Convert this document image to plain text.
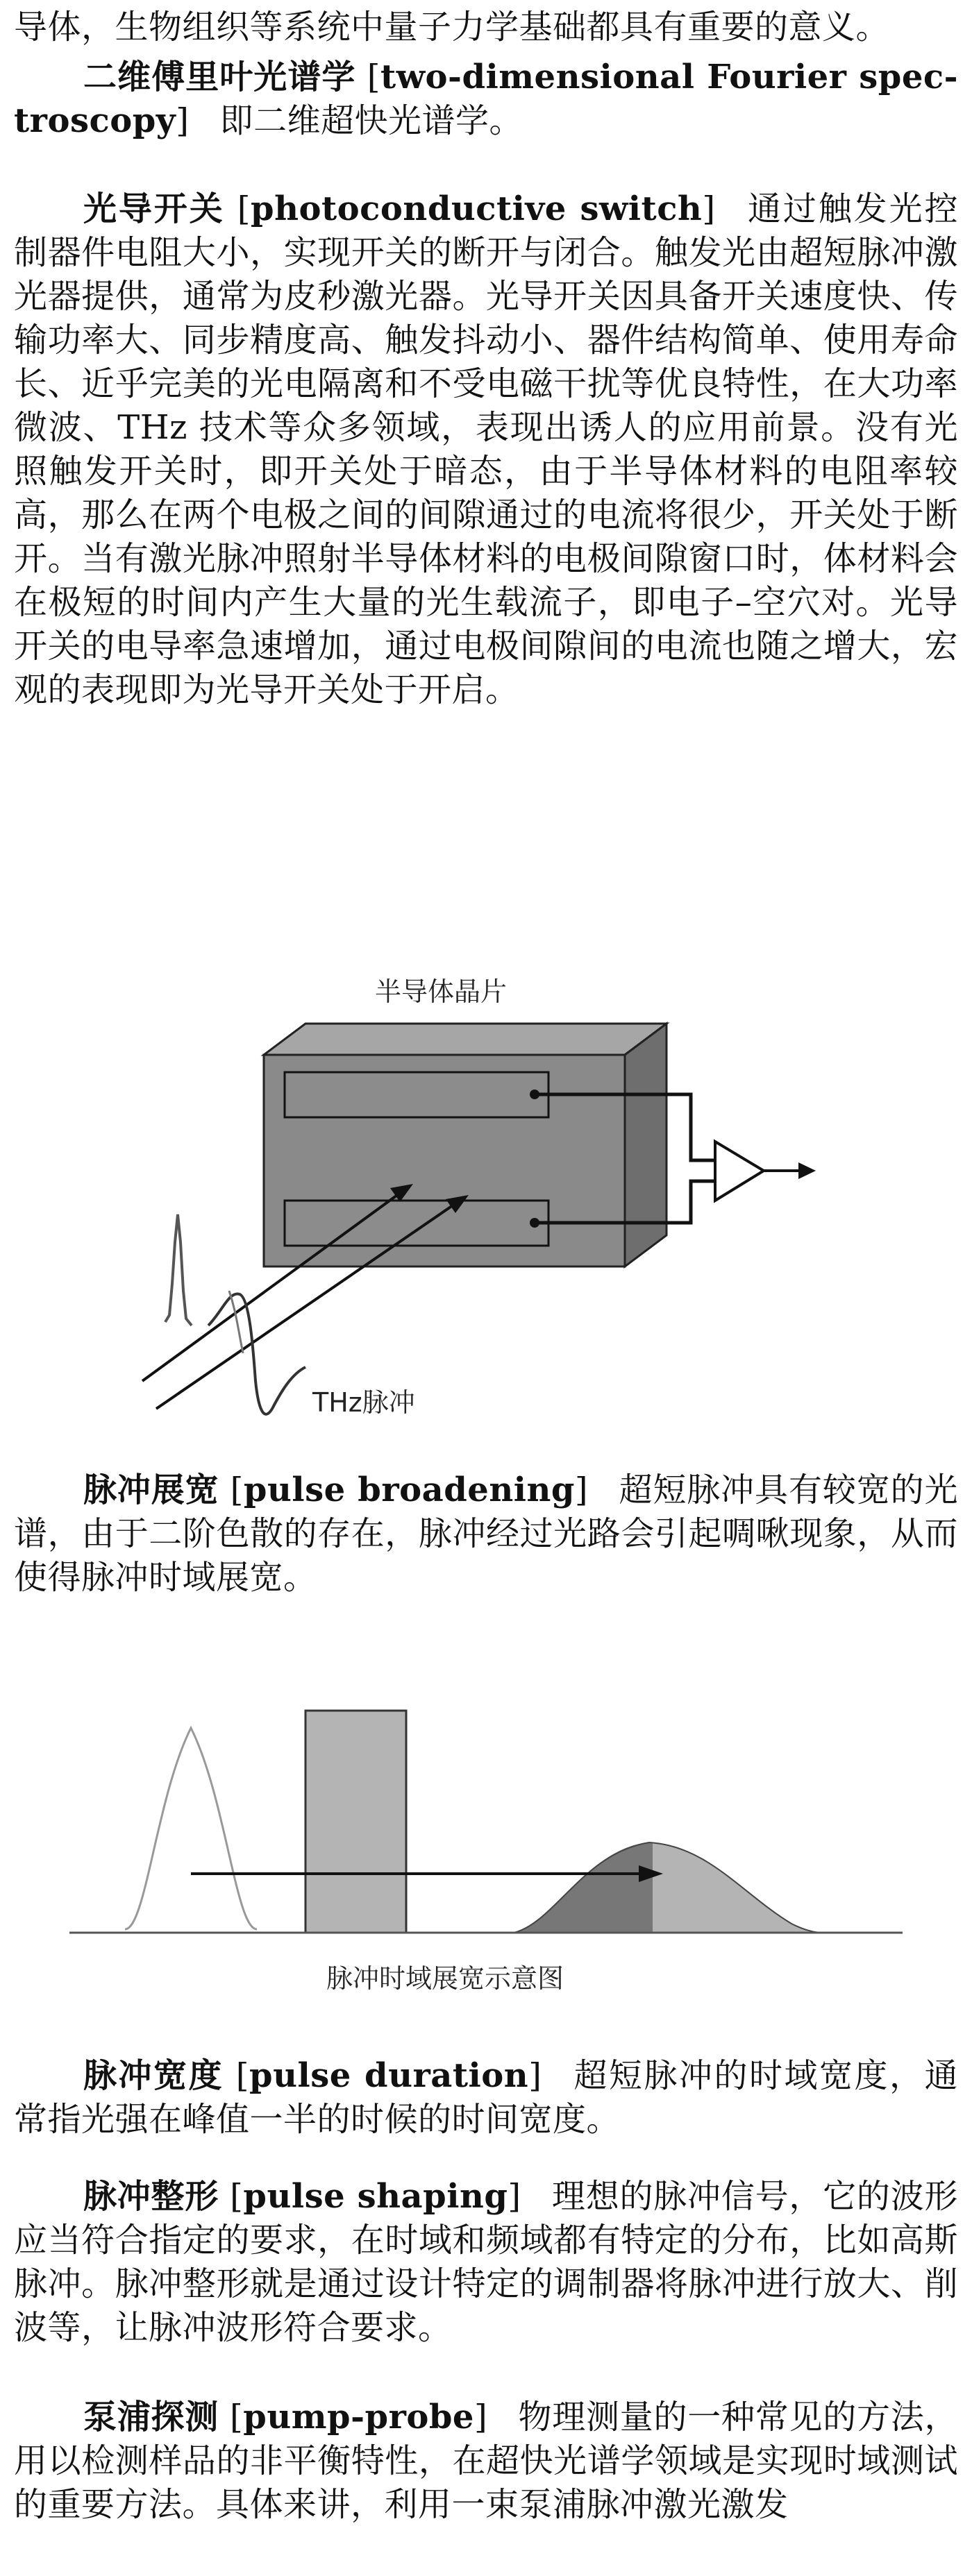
导体，生物组织等系统中量子力学基础都具有重要的意义。

二维傅里叶光谱学 [two-dimensional Fourier spec-troscopy] 即二维超快光谱学。

光导开关 [photoconductive switch] 通过触发光控制器件电阻大小，实现开关的断开与闭合。触发光由超短脉冲激光器提供，通常为皮秒激光器。光导开关因具备开关速度快、传输功率大、同步精度高、触发抖动小、器件结构简单、使用寿命长、近乎完美的光电隔离和不受电磁干扰等优良特性，在大功率微波、THz 技术等众多领域，表现出诱人的应用前景。没有光照触发开关时，即开关处于暗态，由于半导体材料的电阻率较高，那么在两个电极之间的间隙通过的电流将很少，开关处于断开。当有激光脉冲照射半导体材料的电极间隙窗口时，体材料会在极短的时间内产生大量的光生载流子，即电子–空穴对。光导开关的电导率急速增加，通过电极间隙间的电流也随之增大，宏观的表现即为光导开关处于开启。

半导体晶片
THz脉冲

脉冲展宽 [pulse broadening] 超短脉冲具有较宽的光谱，由于二阶色散的存在，脉冲经过光路会引起啁啾现象，从而使得脉冲时域展宽。

脉冲时域展宽示意图

脉冲宽度 [pulse duration] 超短脉冲的时域宽度，通常指光强在峰值一半的时候的时间宽度。

脉冲整形 [pulse shaping] 理想的脉冲信号，它的波形应当符合指定的要求，在时域和频域都有特定的分布，比如高斯脉冲。脉冲整形就是通过设计特定的调制器将脉冲进行放大、削波等，让脉冲波形符合要求。

泵浦探测 [pump-probe] 物理测量的一种常见的方法，用以检测样品的非平衡特性，在超快光谱学领域是实现时域测试的重要方法。具体来讲，利用一束泵浦脉冲激光激发
